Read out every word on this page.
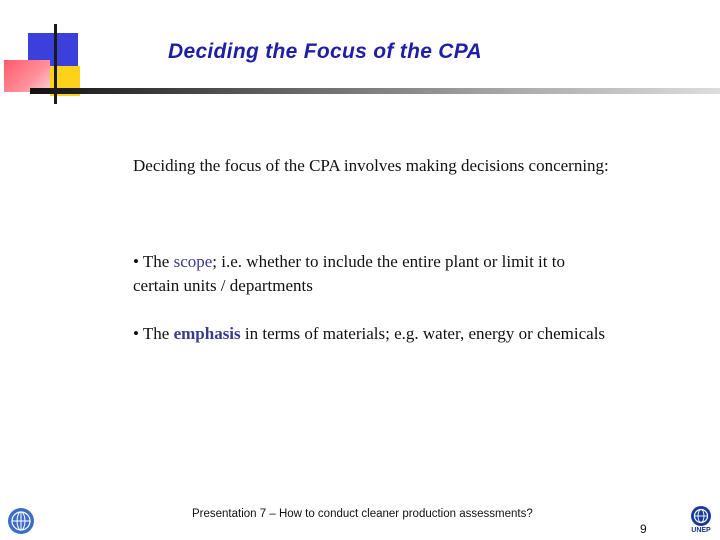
Deciding the Focus of the CPA
Deciding the focus of the CPA involves making decisions concerning:
• The scope; i.e. whether to include the entire plant or limit it to certain units / departments
• The emphasis in terms of materials; e.g. water, energy or chemicals
Presentation 7 – How to conduct cleaner production assessments?
9	UNEP
